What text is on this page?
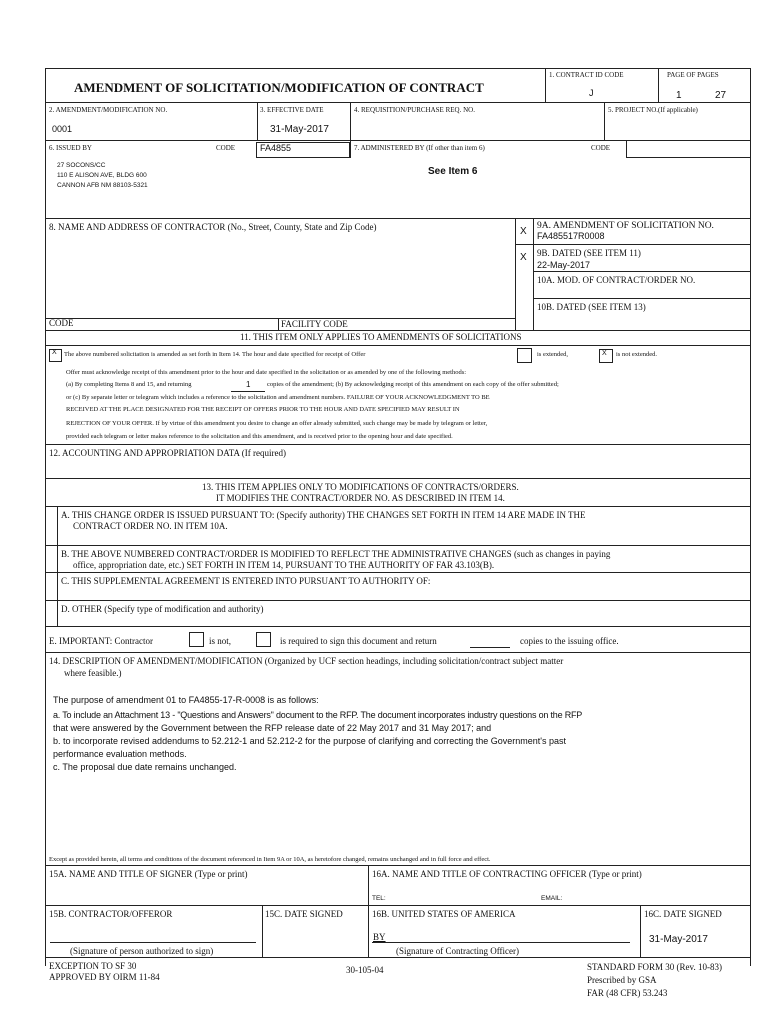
AMENDMENT OF SOLICITATION/MODIFICATION OF CONTRACT
1. CONTRACT ID CODE
J
PAGE OF PAGES
1	27
2. AMENDMENT/MODIFICATION NO.
0001
3. EFFECTIVE DATE
31-May-2017
4. REQUISITION/PURCHASE REQ. NO.	5. PROJECT NO.(If applicable)
6. ISSUED BY	CODE	FA4855	7. ADMINISTERED BY (If other than item 6)	CODE
27 SOCONS/CC
110 E ALISON AVE, BLDG 600
CANNON AFB NM 88103-5321
See Item 6
8. NAME AND ADDRESS OF CONTRACTOR (No., Street, County, State and Zip Code)	X 9A. AMENDMENT OF SOLICITATION NO.
FA485517R0008
X 9B. DATED (SEE ITEM 11)
22-May-2017
10A. MOD. OF CONTRACT/ORDER NO.
10B. DATED (SEE ITEM 13)
CODE	FACILITY CODE
11. THIS ITEM ONLY APPLIES TO AMENDMENTS OF SOLICITATIONS
X The above numbered solicitation is amended as set forth in Item 14. The hour and date specified for receipt of Offer	is extended,	X is not extended.
Offer must acknowledge receipt of this amendment prior to the hour and date specified in the solicitation or as amended by one of the following methods:
(a) By completing Items 8 and 15, and returning	1	copies of the amendment; (b) By acknowledging receipt of this amendment on each copy of the offer submitted;
or (c) By separate letter or telegram which includes a reference to the solicitation and amendment numbers. FAILURE OF YOUR ACKNOWLEDGMENT TO BE
RECEIVED AT THE PLACE DESIGNATED FOR THE RECEIPT OF OFFERS PRIOR TO THE HOUR AND DATE SPECIFIED MAY RESULT IN
REJECTION OF YOUR OFFER. If by virtue of this amendment you desire to change an offer already submitted, such change may be made by telegram or letter,
provided each telegram or letter makes reference to the solicitation and this amendment, and is received prior to the opening hour and date specified.
12. ACCOUNTING AND APPROPRIATION DATA (If required)
13. THIS ITEM APPLIES ONLY TO MODIFICATIONS OF CONTRACTS/ORDERS.
IT MODIFIES THE CONTRACT/ORDER NO. AS DESCRIBED IN ITEM 14.
A. THIS CHANGE ORDER IS ISSUED PURSUANT TO: (Specify authority) THE CHANGES SET FORTH IN ITEM 14 ARE MADE IN THE
CONTRACT ORDER NO. IN ITEM 10A.
B. THE ABOVE NUMBERED CONTRACT/ORDER IS MODIFIED TO REFLECT THE ADMINISTRATIVE CHANGES (such as changes in paying
office, appropriation date, etc.) SET FORTH IN ITEM 14, PURSUANT TO THE AUTHORITY OF FAR 43.103(B).
C. THIS SUPPLEMENTAL AGREEMENT IS ENTERED INTO PURSUANT TO AUTHORITY OF:
D. OTHER (Specify type of modification and authority)
E. IMPORTANT: Contractor	is not,	is required to sign this document and return	copies to the issuing office.
14. DESCRIPTION OF AMENDMENT/MODIFICATION (Organized by UCF section headings, including solicitation/contract subject matter
where feasible.)
The purpose of amendment 01 to FA4855-17-R-0008 is as follows:
a. To include an Attachment 13 - "Questions and Answers" document to the RFP. The document incorporates industry questions on the RFP
that were answered by the Government between the RFP release date of 22 May 2017 and 31 May 2017; and
b. to incorporate revised addendums to 52.212-1 and 52.212-2 for the purpose of clarifying and correcting the Government's past
performance evaluation methods.
c. The proposal due date remains unchanged.
Except as provided herein, all terms and conditions of the document referenced in Item 9A or 10A, as heretofore changed, remains unchanged and in full force and effect.
15A. NAME AND TITLE OF SIGNER (Type or print)	16A. NAME AND TITLE OF CONTRACTING OFFICER (Type or print)
TEL:	EMAIL:
15B. CONTRACTOR/OFFEROR	15C. DATE SIGNED	16B. UNITED STATES OF AMERICA	16C. DATE SIGNED
BY	31-May-2017
(Signature of person authorized to sign)	(Signature of Contracting Officer)
EXCEPTION TO SF 30
APPROVED BY OIRM 11-84
30-105-04	STANDARD FORM 30 (Rev. 10-83)
Prescribed by GSA
FAR (48 CFR) 53.243
